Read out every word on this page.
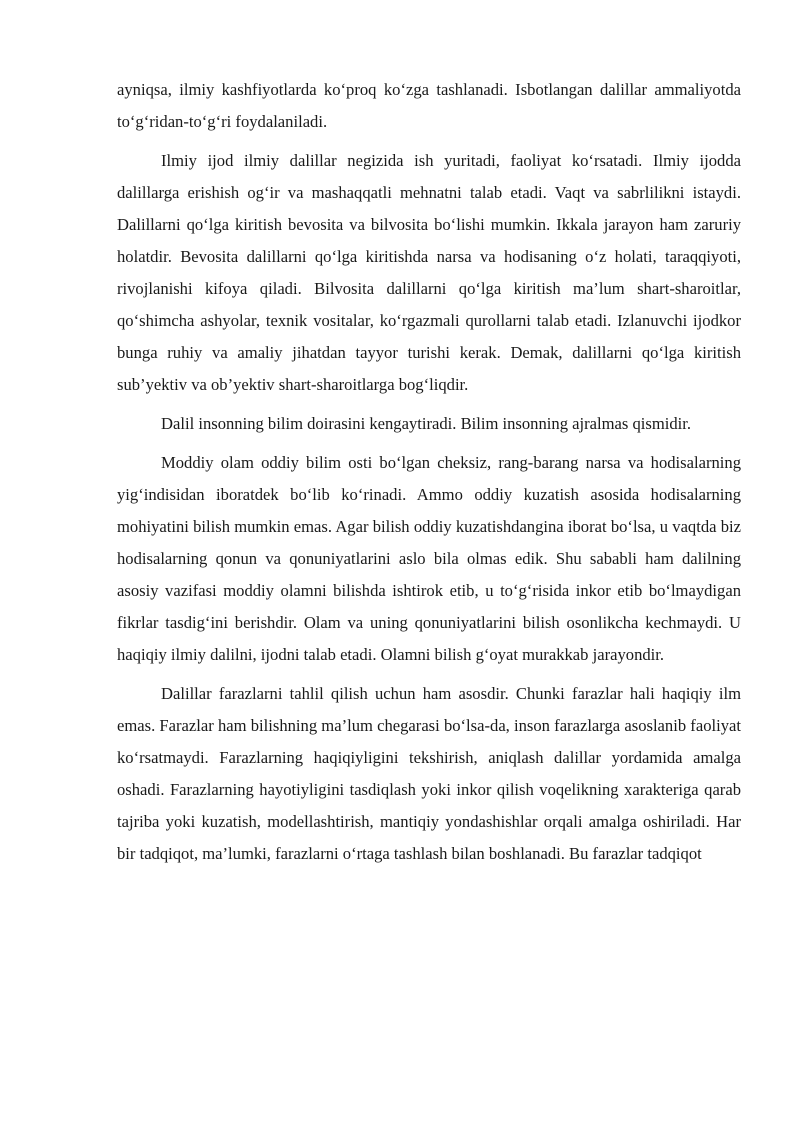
ayniqsa, ilmiy kashfiyotlarda ko‘proq ko‘zga tashlanadi. Isbotlangan dalillar ammaliyotda to‘g‘ridan-to‘g‘ri foydalaniladi.

Ilmiy ijod ilmiy dalillar negizida ish yuritadi, faoliyat ko‘rsatadi. Ilmiy ijodda dalillarga erishish og‘ir va mashaqqatli mehnatni talab etadi. Vaqt va sabrlilikni istaydi. Dalillarni qo‘lga kiritish bevosita va bilvosita bo‘lishi mumkin. Ikkala jarayon ham zaruriy holatdir. Bevosita dalillarni qo‘lga kiritishda narsa va hodisaning o‘z holati, taraqqiyoti, rivojlanishi kifoya qiladi. Bilvosita dalillarni qo‘lga kiritish ma’lum shart-sharoitlar, qo‘shimcha ashyolar, texnik vositalar, ko‘rgazmali qurollarni talab etadi. Izlanuvchi ijodkor bunga ruhiy va amaliy jihatdan tayyor turishi kerak. Demak, dalillarni qo‘lga kiritish sub’yektiv va ob’yektiv shart-sharoitlarga bog‘liqdir.

Dalil insonning bilim doirasini kengaytiradi. Bilim insonning ajralmas qismidir.

Moddiy olam oddiy bilim osti bo‘lgan cheksiz, rang-barang narsa va hodisalarning yig‘indisidan iboratdek bo‘lib ko‘rinadi. Ammo oddiy kuzatish asosida hodisalarning mohiyatini bilish mumkin emas. Agar bilish oddiy kuzatishdangina iborat bo‘lsa, u vaqtda biz hodisalarning qonun va qonuniyatlarini aslo bila olmas edik. Shu sababli ham dalilning asosiy vazifasi moddiy olamni bilishda ishtirok etib, u to‘g‘risida inkor etib bo‘lmaydigan fikrlar tasdig‘ini berishdir. Olam va uning qonuniyatlarini bilish osonlikcha kechmaydi. U haqiqiy ilmiy dalilni, ijodni talab etadi. Olamni bilish g‘oyat murakkab jarayondir.

Dalillar farazlarni tahlil qilish uchun ham asosdir. Chunki farazlar hali haqiqiy ilm emas. Farazlar ham bilishning ma’lum chegarasi bo‘lsa-da, inson farazlarga asoslanib faoliyat ko‘rsatmaydi. Farazlarning haqiqiyligini tekshirish, aniqlash dalillar yordamida amalga oshadi. Farazlarning hayotiyligini tasdiqlash yoki inkor qilish voqelikning xarakteriga qarab tajriba yoki kuzatish, modellashtirish, mantiqiy yondashishlar orqali amalga oshiriladi. Har bir tadqiqot, ma’lumki, farazlarni o‘rtaga tashlash bilan boshlanadi. Bu farazlar tadqiqot
